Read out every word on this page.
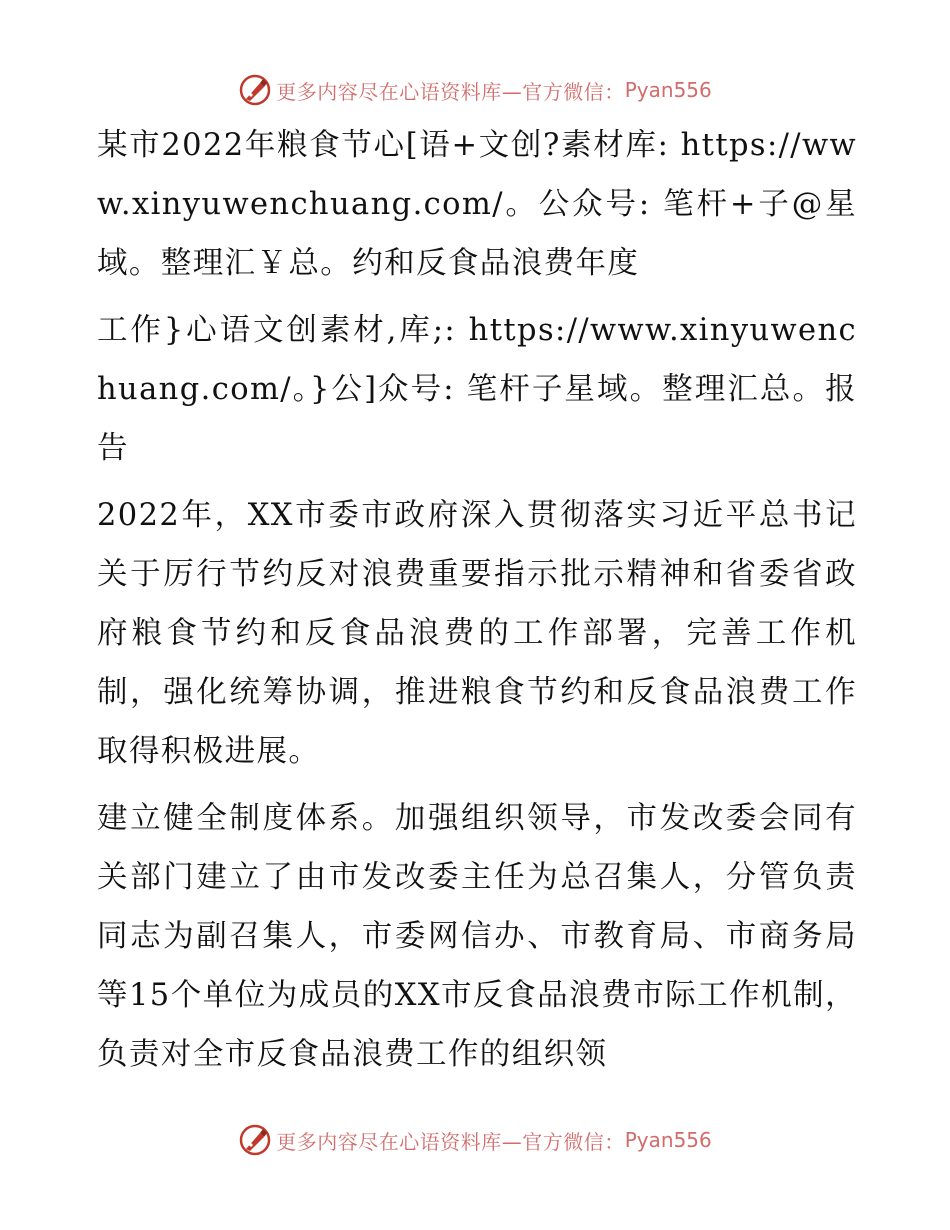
更多内容尽在心语资料库—官方微信： Pyan556

某市2022年粮食节心[语+文创?素材库: https://www.xinyuwenchuang.com/。公众号: 笔杆+子@星域。整理汇￥总。约和反食品浪费年度

工作}心语文创素材,库;: https://www.xinyuwenchuang.com/。}公]众号: 笔杆子星域。整理汇总。报告

2022年，XX市委市政府深入贯彻落实习近平总书记关于厉行节约反对浪费重要指示批示精神和省委省政府粮食节约和反食品浪费的工作部署，完善工作机制，强化统筹协调，推进粮食节约和反食品浪费工作取得积极进展。

建立健全制度体系。加强组织领导，市发改委会同有关部门建立了由市发改委主任为总召集人，分管负责同志为副召集人，市委网信办、市教育局、市商务局等15个单位为成员的XX市反食品浪费市际工作机制，负责对全市反食品浪费工作的组织领

更多内容尽在心语资料库—官方微信： Pyan556
